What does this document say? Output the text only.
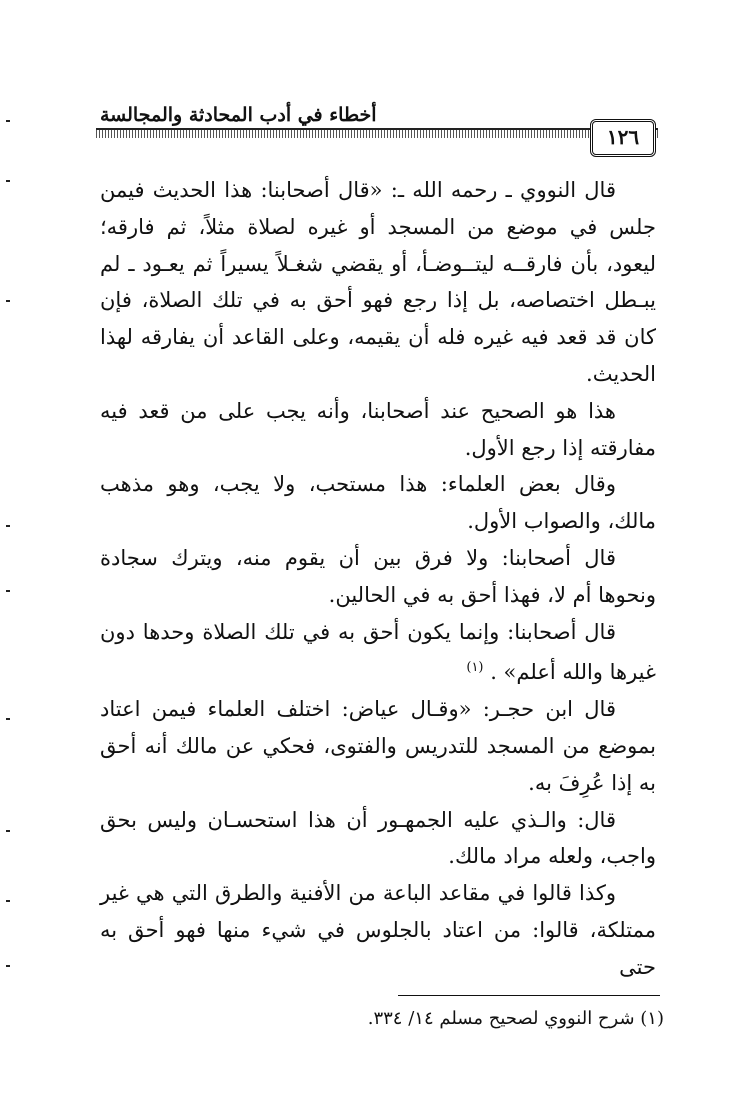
أخطاء في أدب المحادثة والمجالسة
١٢٦

قال النووي ـ رحمه الله ـ: «قال أصحابنا: هذا الحديث فيمن جلس في موضع من المسجد أو غيره لصلاة مثلاً، ثم فارقه؛ ليعود، بأن فارقــه ليتــوضـأ، أو يقضي شغـلاً يسيراً ثم يعـود ـ لم يبـطل اختصاصه، بل إذا رجع فهو أحق به في تلك الصلاة، فإن كان قد قعد فيه غيره فله أن يقيمه، وعلى القاعد أن يفارقه لهذا الحديث.

هذا هو الصحيح عند أصحابنا، وأنه يجب على من قعد فيه مفارقته إذا رجع الأول.

وقال بعض العلماء: هذا مستحب، ولا يجب، وهو مذهب مالك، والصواب الأول.

قال أصحابنا: ولا فرق بين أن يقوم منه، ويترك سجادة ونحوها أم لا، فهذا أحق به في الحالين.

قال أصحابنا: وإنما يكون أحق به في تلك الصلاة وحدها دون غيرها والله أعلم» . $^{(١)}$

قال ابن حجـر: «وقـال عياض: اختلف العلماء فيمن اعتاد بموضع من المسجد للتدريس والفتوى، فحكي عن مالك أنه أحق به إذا عُرِفَ به.

قال: والـذي عليه الجمهـور أن هذا استحسـان وليس بحق واجب، ولعله مراد مالك.

وكذا قالوا في مقاعد الباعة من الأفنية والطرق التي هي غير ممتلكة، قالوا: من اعتاد بالجلوس في شيء منها فهو أحق به حتى

(١) شرح النووي لصحيح مسلم ١٤/ ٣٣٤.
